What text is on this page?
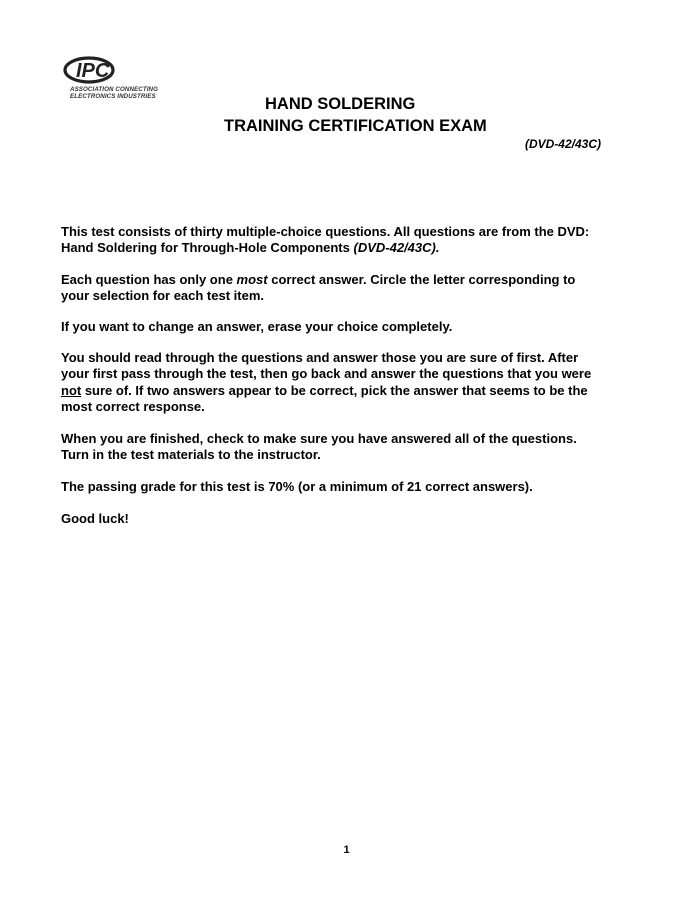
IPC
ASSOCIATION CONNECTING
ELECTRONICS INDUSTRIES	HAND SOLDERING
TRAINING CERTIFICATION EXAM
(DVD-42/43C)
This test consists of thirty multiple-choice questions. All questions are from the DVD:
Hand Soldering for Through-Hole Components (DVD-42/43C).
Each question has only one most correct answer. Circle the letter corresponding to
your selection for each test item.
If you want to change an answer, erase your choice completely.
You should read through the questions and answer those you are sure of first. After
your first pass through the test, then go back and answer the questions that you were
not sure of. If two answers appear to be correct, pick the answer that seems to be the
most correct response.
When you are finished, check to make sure you have answered all of the questions.
Turn in the test materials to the instructor.
The passing grade for this test is 70% (or a minimum of 21 correct answers).
Good luck!
1
